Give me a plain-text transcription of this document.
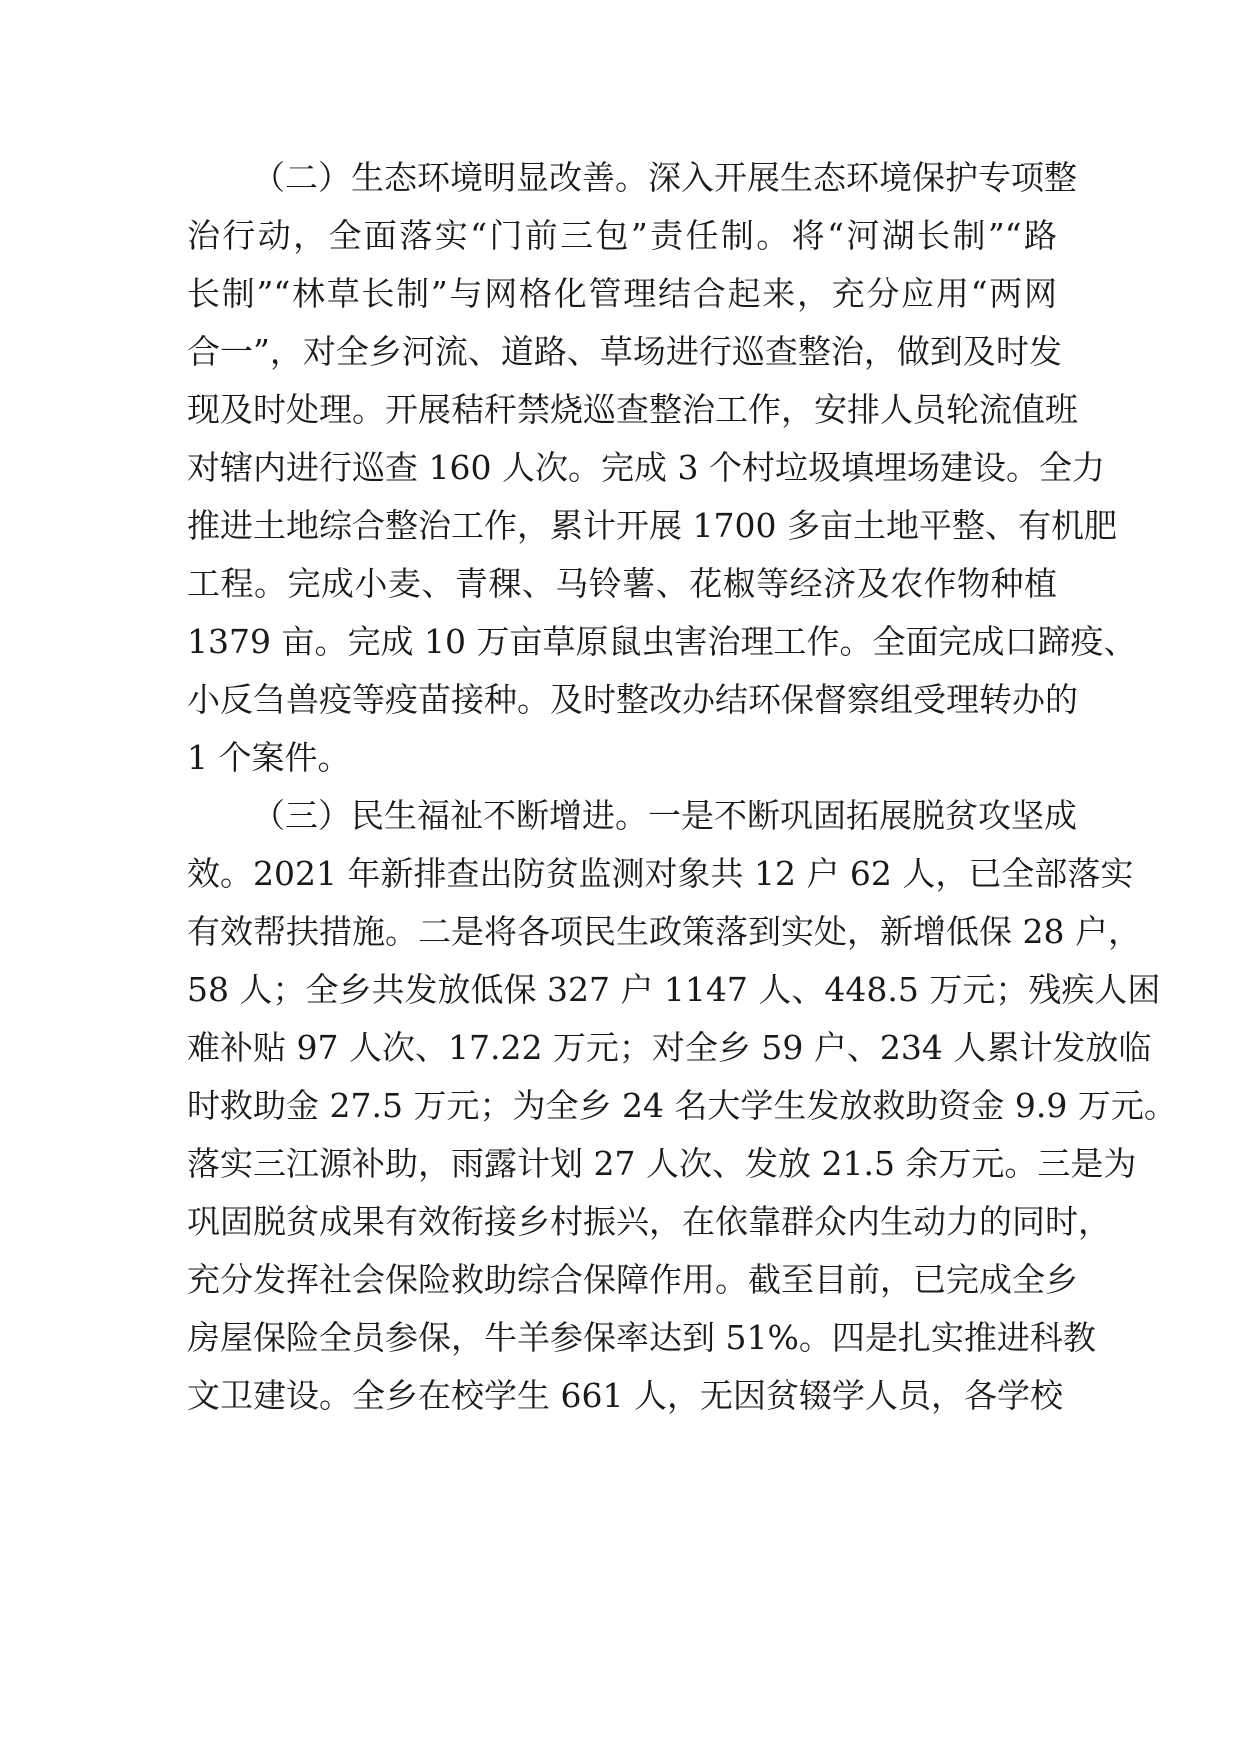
（二）生态环境明显改善。深入开展生态环境保护专项整
治行动，全面落实“门前三包”责任制。将“河湖长制”“路
长制”“林草长制”与网格化管理结合起来，充分应用“两网
合一”，对全乡河流、道路、草场进行巡查整治，做到及时发
现及时处理。开展秸秆禁烧巡查整治工作，安排人员轮流值班
对辖内进行巡查 160 人次。完成 3 个村垃圾填埋场建设。全力
推进土地综合整治工作，累计开展 1700 多亩土地平整、有机肥
工程。完成小麦、青稞、马铃薯、花椒等经济及农作物种植
1379 亩。完成 10 万亩草原鼠虫害治理工作。全面完成口蹄疫、
小反刍兽疫等疫苗接种。及时整改办结环保督察组受理转办的
1 个案件。
（三）民生福祉不断增进。一是不断巩固拓展脱贫攻坚成
效。2021 年新排查出防贫监测对象共 12 户 62 人，已全部落实
有效帮扶措施。二是将各项民生政策落到实处，新增低保 28 户，
58 人；全乡共发放低保 327 户 1147 人、448.5 万元；残疾人困
难补贴 97 人次、17.22 万元；对全乡 59 户、234 人累计发放临
时救助金 27.5 万元；为全乡 24 名大学生发放救助资金 9.9 万元。
落实三江源补助，雨露计划 27 人次、发放 21.5 余万元。三是为
巩固脱贫成果有效衔接乡村振兴，在依靠群众内生动力的同时，
充分发挥社会保险救助综合保障作用。截至目前，已完成全乡
房屋保险全员参保，牛羊参保率达到 51%。四是扎实推进科教
文卫建设。全乡在校学生 661 人，无因贫辍学人员，各学校
